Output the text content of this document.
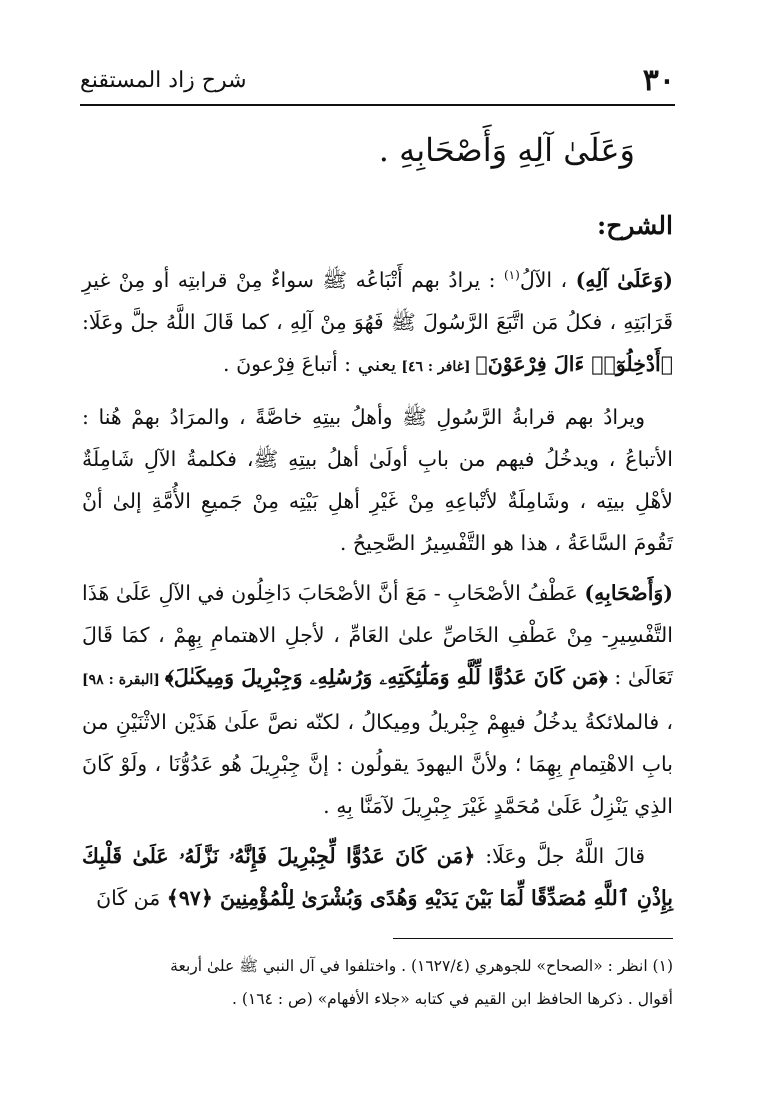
٣٠
شرح زاد المستقنع
وَعَلَىٰ آلِهِ وَأَصْحَابِهِ .
الشرح:

(وَعَلَىٰ آلِهِ) ، الآلُ$^{(١)}$ : يرادُ بهم أَتْبَاعُه ﷺ سواءٌ مِنْ قرابتِه أو مِنْ غيرِ قَرَابَتِهِ ، فكلُ مَن اتَّبَعَ الرَّسُولَ ﷺ فَهُوَ مِنْ آلِهِ ، كما قَالَ اللَّهُ جلَّ وعَلَا: ﴿أَدْخِلُوٓا۟ ءَالَ فِرْعَوْنَ﴾ [غافر : ٤٦] يعني : أتباعَ فِرْعونَ .

ويرادُ بهم قرابةُ الرَّسُولِ ﷺ وأهلُ بيتِهِ خاصَّةً ، والمرَادُ بهمْ هُنا : الأتباعُ ، ويدخُلُ فيهم من بابِ أولَىٰ أهلُ بيتِهِ ﷺ، فكلمةُ الآلِ شَامِلَةٌ لأهْلِ بيتِه ، وشَامِلَةٌ لأتْباعِهِ مِنْ غَيْرِ أهلِ بَيْتِه مِنْ جَميعِ الأُمَّةِ إلىٰ أنْ تَقُومَ السَّاعَةُ ، هذا هو التَّفْسِيرُ الصَّحِيحُ .

(وَأَصْحَابِهِ) عَطْفُ الأصْحَابِ - مَعَ أنَّ الأصْحَابَ دَاخِلُون في الآلِ عَلَىٰ هَذَا التَّفْسِيرِ- مِنْ عَطْفِ الخَاصِّ علىٰ العَامِّ ، لأجلِ الاهتمامِ بِهِمْ ، كمَا قَالَ تَعَالَىٰ : ﴿مَن كَانَ عَدُوًّا لِّلَّهِ وَمَلَٰٓئِكَتِهِۦ وَرُسُلِهِۦ وَجِبْرِيلَ وَمِيكَىٰلَ﴾ [البقرة : ٩٨] ، فالملائكةُ يدخُلُ فيهِمْ جِبْريلُ ومِيكالُ ، لكنّه نصَّ علَىٰ هَذَيْن الاثْنَيْنِ من بابِ الاهْتِمامِ بِهِمَا ؛ ولأنَّ اليهودَ يقولُون : إنَّ جِبْرِيلَ هُو عَدُوُّنَا ، ولَوْ كَانَ الذِي يَنْزِلُ عَلَىٰ مُحَمَّدٍ غَيْرَ جِبْرِيلَ لآمَنَّا بِهِ .

قالَ اللَّهُ جلَّ وعَلَا: ﴿مَن كَانَ عَدُوًّا لِّجِبْرِيلَ فَإِنَّهُۥ نَزَّلَهُۥ عَلَىٰ قَلْبِكَ بِإِذْنِ ٱللَّهِ مُصَدِّقًا لِّمَا بَيْنَ يَدَيْهِ وَهُدًى وَبُشْرَىٰ لِلْمُؤْمِنِينَ ﴿٩٧﴾ مَن كَانَ

(١) انظر : «الصحاح» للجوهري (١٦٢٧/٤) . واختلفوا في آل النبي ﷺ علىٰ أربعة

أقوال . ذكرها الحافظ ابن القيم في كتابه «جلاء الأفهام» (ص : ١٦٤) .
